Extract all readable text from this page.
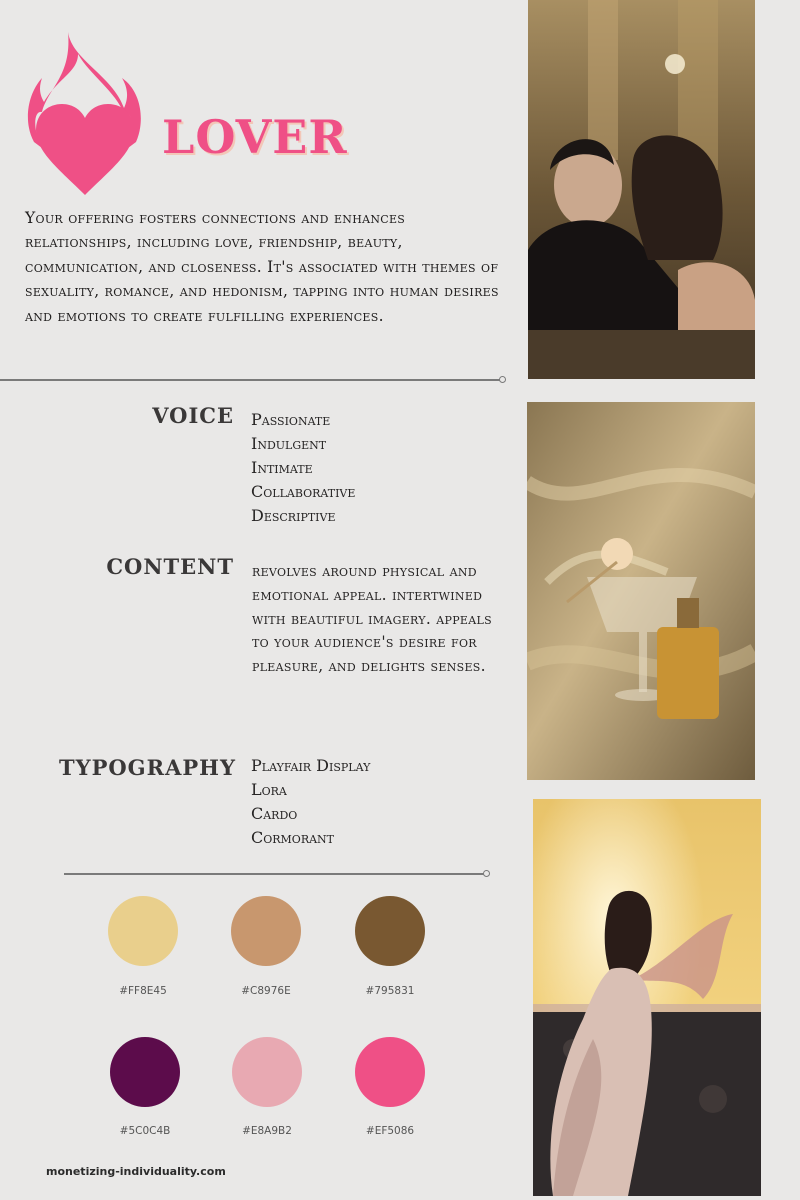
LOVER

Your offering fosters connections and enhances relationships, including love, friendship, beauty, communication, and closeness. It's associated with themes of sexuality, romance, and hedonism, tapping into human desires and emotions to create fulfilling experiences.

VOICE Passionate
Indulgent
Intimate
Collaborative
Descriptive
CONTENT revolves around physical and emotional appeal. intertwined with beautiful imagery. appeals to your audience's desire for pleasure, and delights senses.

TYPOGRAPHY Playfair Display
Lora
Cardo
Cormorant
#FF8E45	#C8976E	#795831
#5C0C4B	#E8A9B2	#EF5086
monetizing-individuality.com
